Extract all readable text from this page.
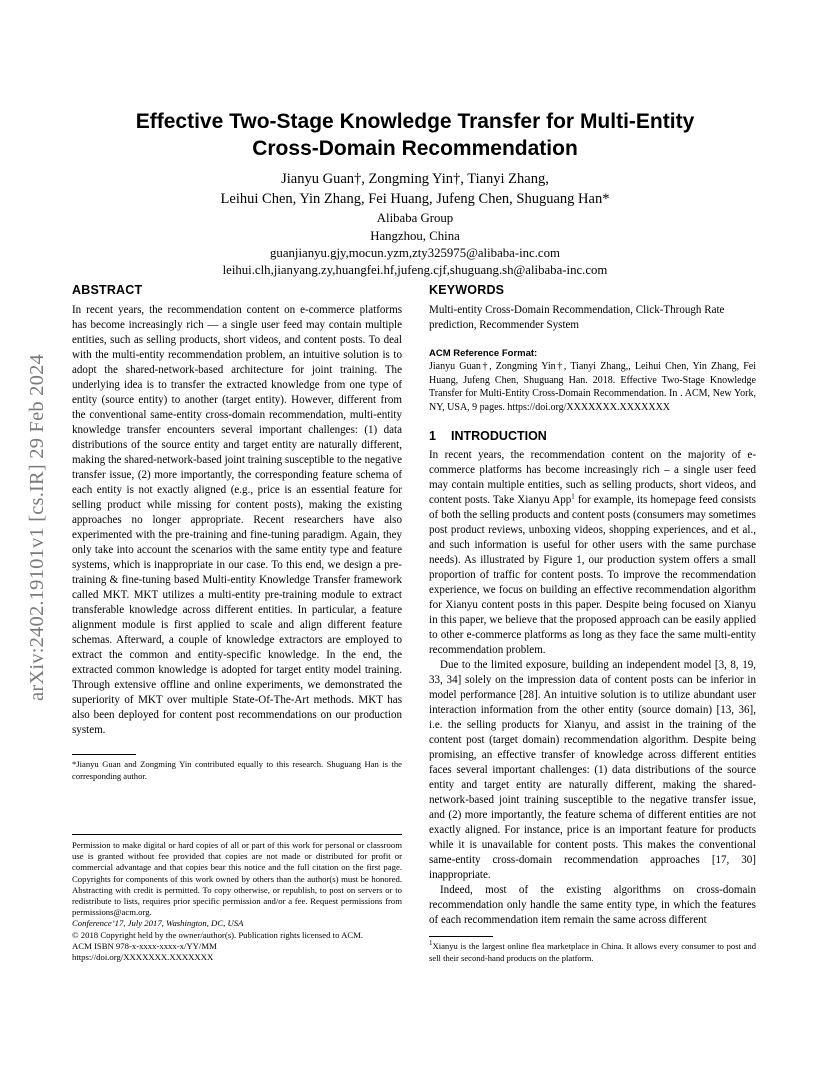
arXiv:2402.19101v1 [cs.IR] 29 Feb 2024
Effective Two-Stage Knowledge Transfer for Multi-Entity
Cross-Domain Recommendation
Jianyu Guan†, Zongming Yin†, Tianyi Zhang,
Leihui Chen, Yin Zhang, Fei Huang, Jufeng Chen, Shuguang Han*
Alibaba Group
Hangzhou, China
guanjianyu.gjy,mocun.yzm,zty325975@alibaba-inc.com
leihui.clh,jianyang.zy,huangfei.hf,jufeng.cjf,shuguang.sh@alibaba-inc.com
ABSTRACT

In recent years, the recommendation content on e-commerce platforms has become increasingly rich — a single user feed may contain multiple entities, such as selling products, short videos, and content posts. To deal with the multi-entity recommendation problem, an intuitive solution is to adopt the shared-network-based architecture for joint training. The underlying idea is to transfer the extracted knowledge from one type of entity (source entity) to another (target entity). However, different from the conventional same-entity cross-domain recommendation, multi-entity knowledge transfer encounters several important challenges: (1) data distributions of the source entity and target entity are naturally different, making the shared-network-based joint training susceptible to the negative transfer issue, (2) more importantly, the corresponding feature schema of each entity is not exactly aligned (e.g., price is an essential feature for selling product while missing for content posts), making the existing approaches no longer appropriate. Recent researchers have also experimented with the pre-training and fine-tuning paradigm. Again, they only take into account the scenarios with the same entity type and feature systems, which is inappropriate in our case. To this end, we design a pre-training & fine-tuning based Multi-entity Knowledge Transfer framework called MKT. MKT utilizes a multi-entity pre-training module to extract transferable knowledge across different entities. In particular, a feature alignment module is first applied to scale and align different feature schemas. Afterward, a couple of knowledge extractors are employed to extract the common and entity-specific knowledge. In the end, the extracted common knowledge is adopted for target entity model training. Through extensive offline and online experiments, we demonstrated the superiority of MKT over multiple State-Of-The-Art methods. MKT has also been deployed for content post recommendations on our production system.

*Jianyu Guan and Zongming Yin contributed equally to this research. Shuguang Han is the corresponding author.
Permission to make digital or hard copies of all or part of this work for personal or classroom use is granted without fee provided that copies are not made or distributed for profit or commercial advantage and that copies bear this notice and the full citation on the first page. Copyrights for components of this work owned by others than the author(s) must be honored. Abstracting with credit is permitted. To copy otherwise, or republish, to post on servers or to redistribute to lists, requires prior specific permission and/or a fee. Request permissions from permissions@acm.org.
Conference’17, July 2017, Washington, DC, USA
© 2018 Copyright held by the owner/author(s). Publication rights licensed to ACM.
ACM ISBN 978-x-xxxx-xxxx-x/YY/MM
https://doi.org/XXXXXXX.XXXXXXX
KEYWORDS

Multi-entity Cross-Domain Recommendation, Click-Through Rate prediction, Recommender System

ACM Reference Format:
Jianyu Guan†, Zongming Yin†, Tianyi Zhang,, Leihui Chen, Yin Zhang, Fei Huang, Jufeng Chen, Shuguang Han. 2018. Effective Two-Stage Knowledge Transfer for Multi-Entity Cross-Domain Recommendation. In . ACM, New York, NY, USA, 9 pages. https://doi.org/XXXXXXX.XXXXXXX
1 INTRODUCTION

In recent years, the recommendation content on the majority of e-commerce platforms has become increasingly rich – a single user feed may contain multiple entities, such as selling products, short videos, and content posts. Take Xianyu App$^1$ for example, its homepage feed consists of both the selling products and content posts (consumers may sometimes post product reviews, unboxing videos, shopping experiences, and et al., and such information is useful for other users with the same purchase needs). As illustrated by Figure 1, our production system offers a small proportion of traffic for content posts. To improve the recommendation experience, we focus on building an effective recommendation algorithm for Xianyu content posts in this paper. Despite being focused on Xianyu in this paper, we believe that the proposed approach can be easily applied to other e-commerce platforms as long as they face the same multi-entity recommendation problem.

Due to the limited exposure, building an independent model [3, 8, 19, 33, 34] solely on the impression data of content posts can be inferior in model performance [28]. An intuitive solution is to utilize abundant user interaction information from the other entity (source domain) [13, 36], i.e. the selling products for Xianyu, and assist in the training of the content post (target domain) recommendation algorithm. Despite being promising, an effective transfer of knowledge across different entities faces several important challenges: (1) data distributions of the source entity and target entity are naturally different, making the shared-network-based joint training susceptible to the negative transfer issue, and (2) more importantly, the feature schema of different entities are not exactly aligned. For instance, price is an important feature for products while it is unavailable for content posts. This makes the conventional same-entity cross-domain recommendation approaches [17, 30] inappropriate.

Indeed, most of the existing algorithms on cross-domain recommendation only handle the same entity type, in which the features of each recommendation item remain the same across different

$^1$Xianyu is the largest online flea marketplace in China. It allows every consumer to post and sell their second-hand products on the platform.
